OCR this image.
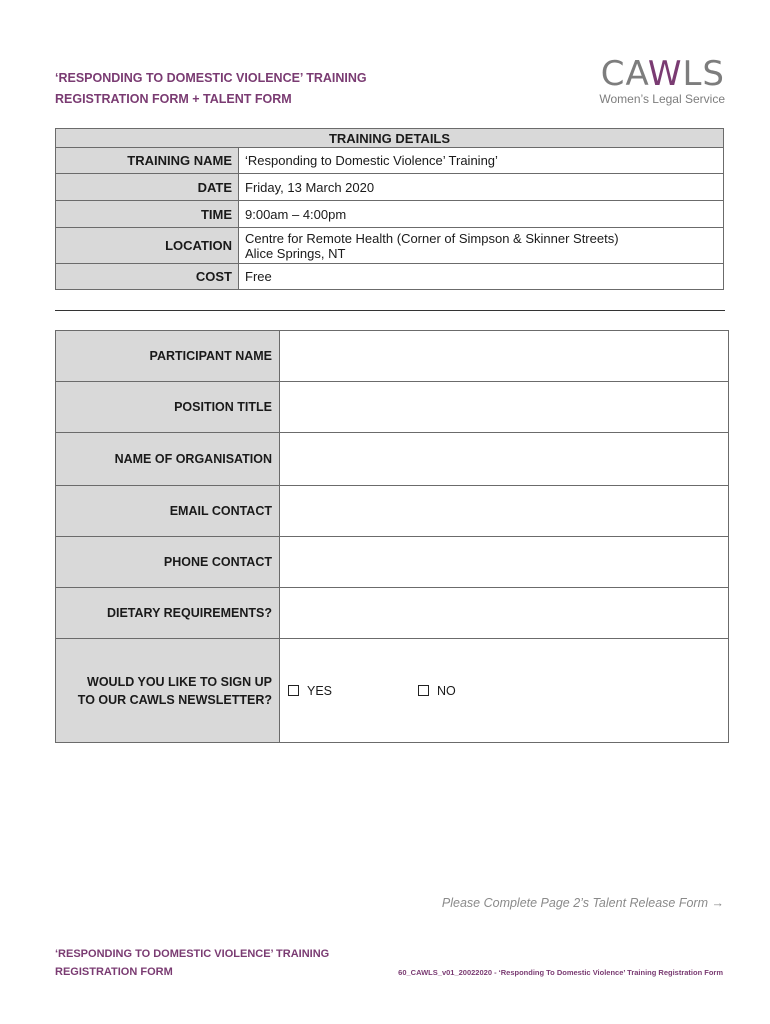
‘RESPONDING TO DOMESTIC VIOLENCE’ TRAINING
REGISTRATION FORM + TALENT FORM
CAWLS
Women’s Legal Service
TRAINING DETAILS	
TRAINING NAME	‘Responding to Domestic Violence’ Training’
DATE	Friday, 13 March 2020
TIME	9:00am – 4:00pm
LOCATION	Centre for Remote Health (Corner of Simpson & Skinner Streets)
Alice Springs, NT

COST	Free
PARTICIPANT NAME	
POSITION TITLE	
NAME OF ORGANISATION	
EMAIL CONTACT	
PHONE CONTACT	
DIETARY REQUIREMENTS?	

WOULD YOU LIKE TO SIGN UP
TO OUR CAWLS NEWSLETTER?	YES NO
Please Complete Page 2’s Talent Release Form →
‘RESPONDING TO DOMESTIC VIOLENCE’ TRAINING
REGISTRATION FORM	60_CAWLS_v01_20022020 - ‘Responding To Domestic Violence’ Training Registration Form
